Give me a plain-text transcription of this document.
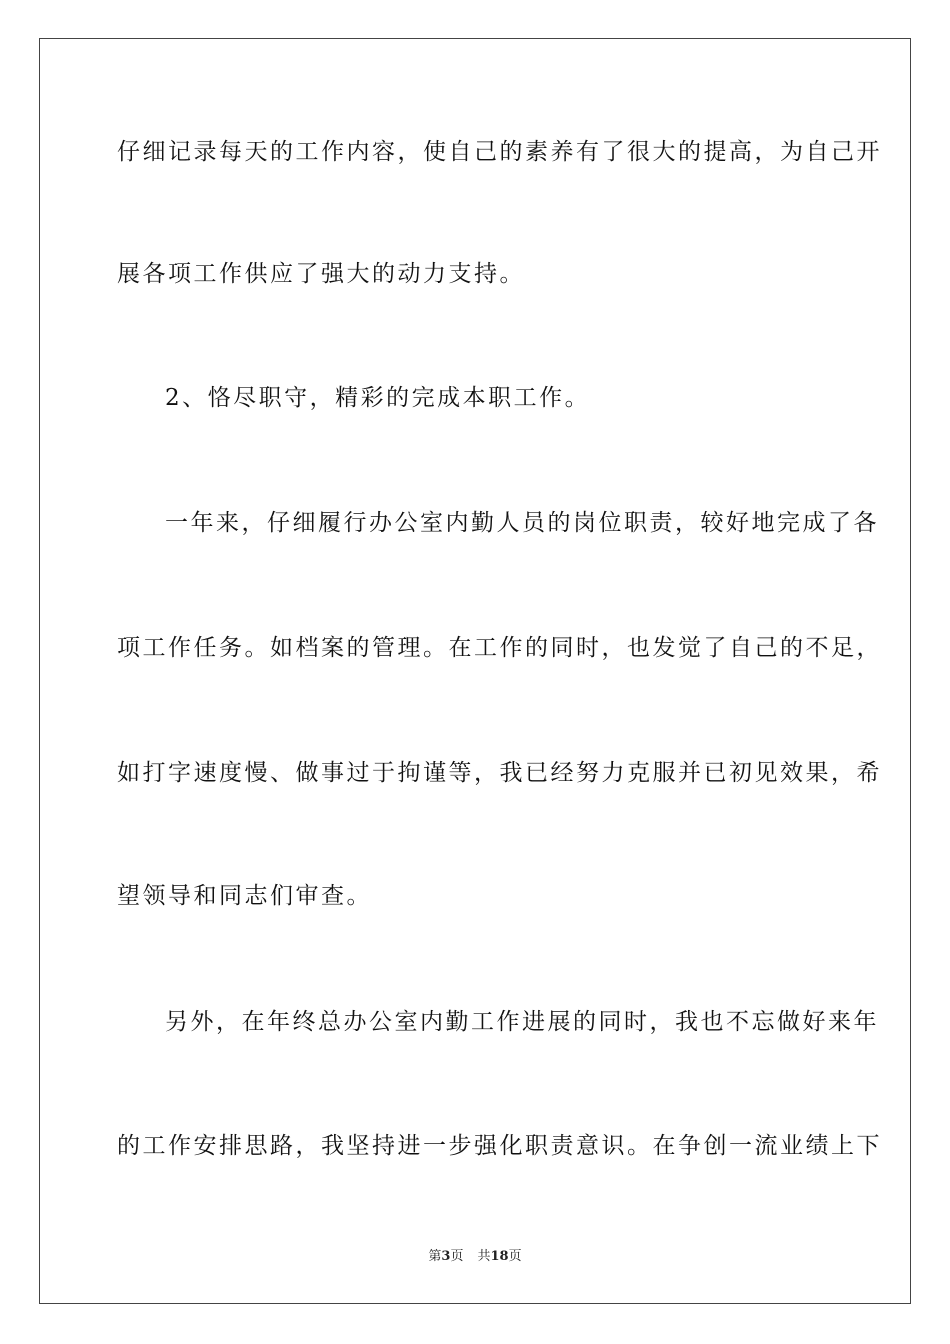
仔细记录每天的工作内容，使自己的素养有了很大的提高，为自己开
展各项工作供应了强大的动力支持。
2、恪尽职守，精彩的完成本职工作。
一年来，仔细履行办公室内勤人员的岗位职责，较好地完成了各
项工作任务。如档案的管理。在工作的同时，也发觉了自己的不足，
如打字速度慢、做事过于拘谨等，我已经努力克服并已初见效果，希
望领导和同志们审查。
另外，在年终总办公室内勤工作进展的同时，我也不忘做好来年
的工作安排思路，我坚持进一步强化职责意识。在争创一流业绩上下
第3页 共18页
